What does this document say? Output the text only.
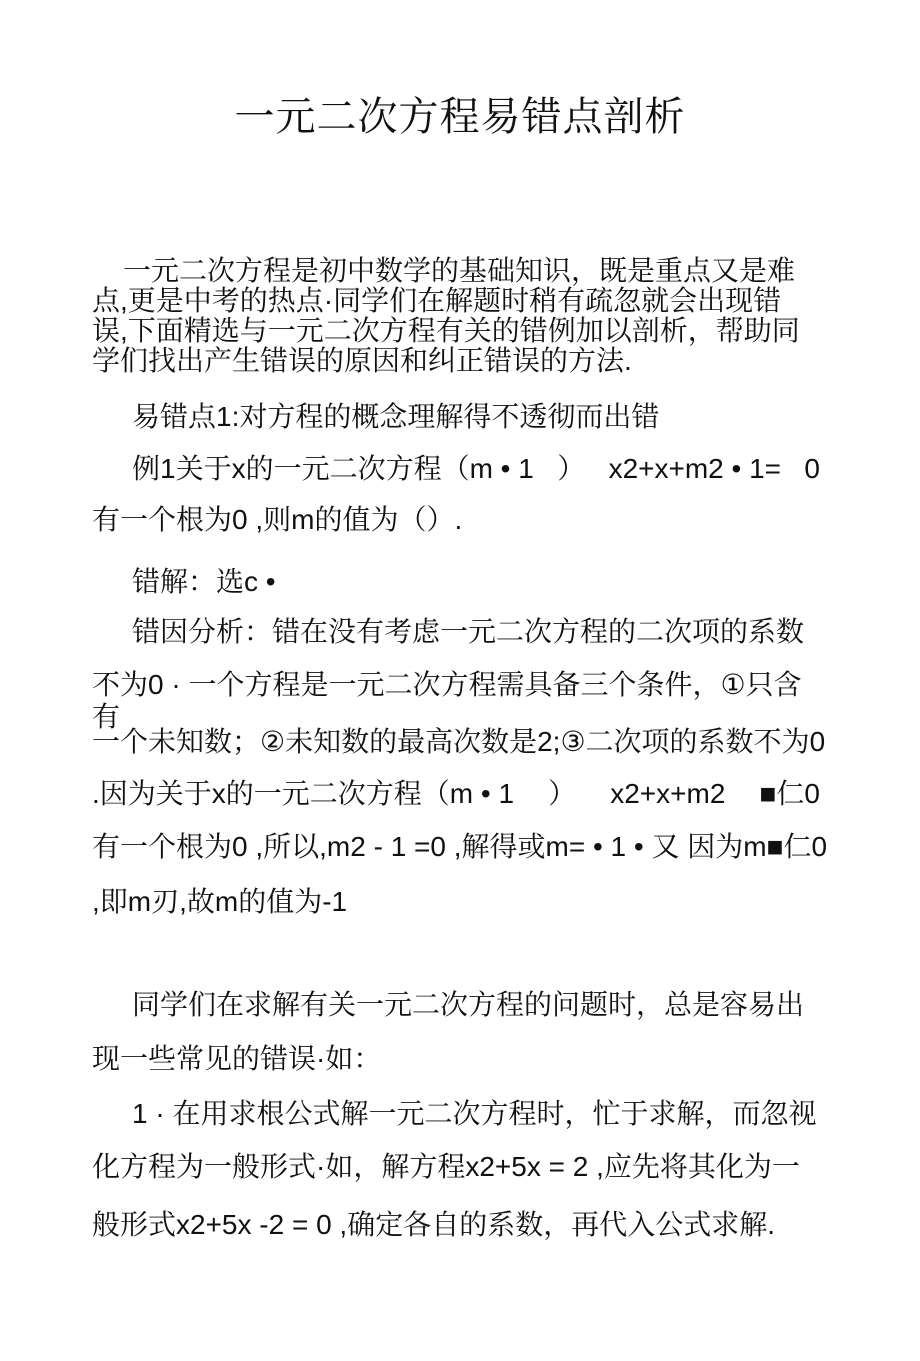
一元二次方程易错点剖析
一元二次方程是初中数学的基础知识，既是重点又是难
点,更是中考的热点·同学们在解题时稍有疏忽就会出现错
误,下面精选与一元二次方程有关的错例加以剖析，帮助同
学们找出产生错误的原因和纠正错误的方法.
易错点1:对方程的概念理解得不透彻而出错
例1关于x的一元二次方程（m • 1 ） x2+x+m2 • 1= 0
有一个根为0 ,则m的值为（）.
错解：选c •
错因分析：错在没有考虑一元二次方程的二次项的系数
不为0 · 一个方程是一元二次方程需具备三个条件，①只含有
一个未知数；②未知数的最高次数是2;③二次项的系数不 为0
.因为关于x的一元二次方程（m • 1 ） x2+x+m2 ■仁0
有一个根为0 ,所以,m2 - 1 =0 ,解得或m= • 1 • 又 因为m ■仁0
,即m刃,故m的值为-1
同学们在求解有关一元二次方程的问题时，总是容易出
现一些常见的错误·如：
1 · 在用求根公式解一元二次方程时，忙于求解，而忽视
化方程为一般形式·如，解方程x2+5x = 2 ,应先将其化为一
般形式x2+5x -2 = 0 ,确定各自的系数，再代入公式求解.
